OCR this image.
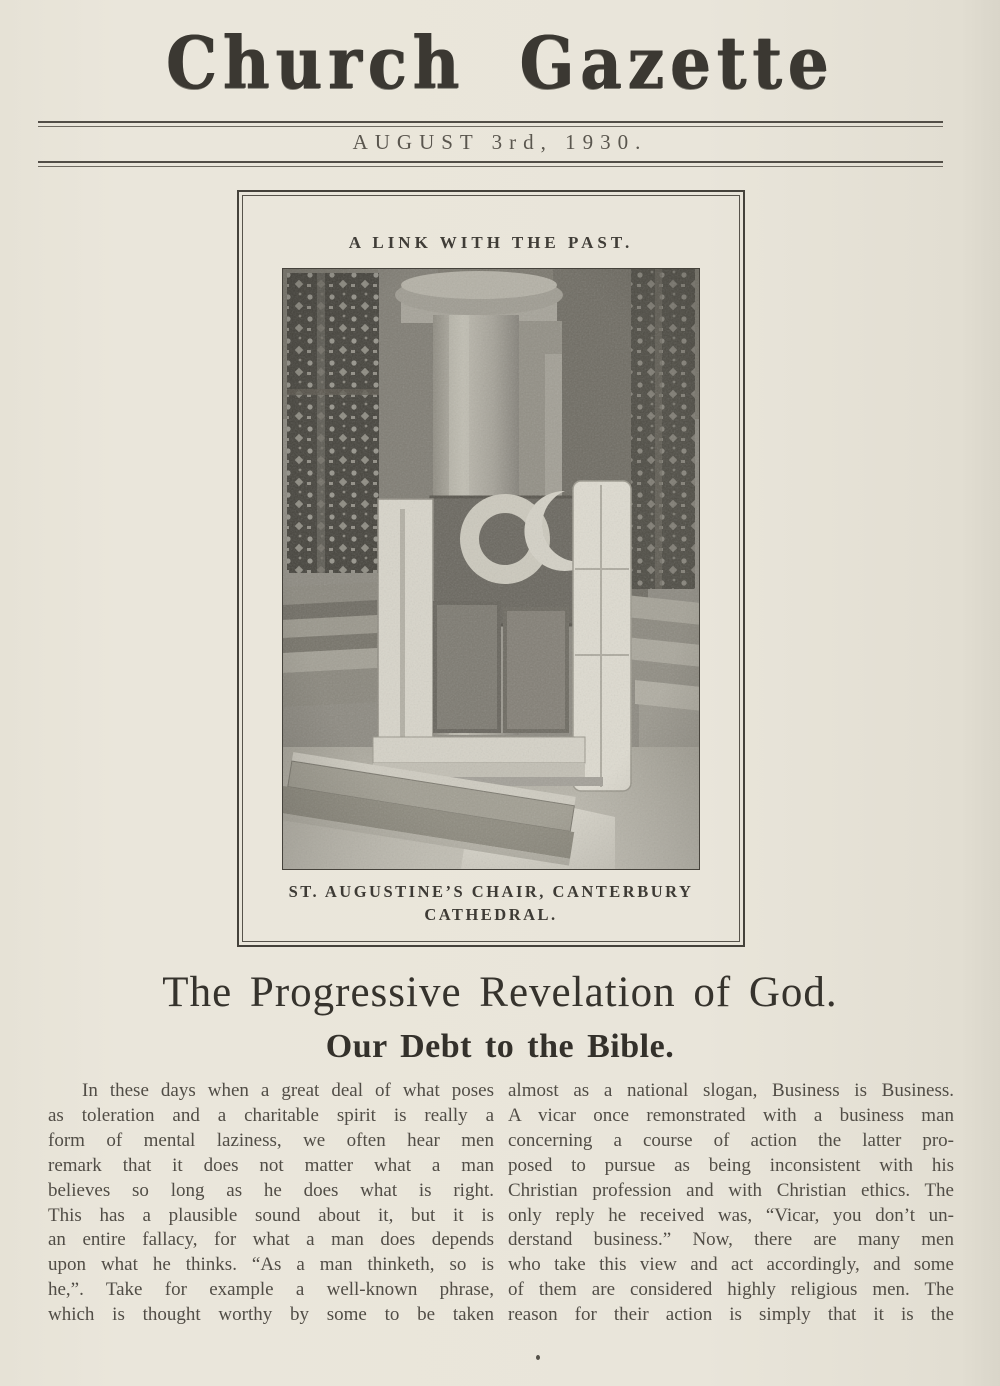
Church Gazette
AUGUST 3rd, 1930.
A LINK WITH THE PAST.
ST. AUGUSTINE’S CHAIR, CANTERBURY
CATHEDRAL.
The Progressive Revelation of God.
Our Debt to the Bible.
In these days when a great deal of what poses
as toleration and a charitable spirit is really a
form of mental laziness, we often hear men
remark that it does not matter what a man
believes so long as he does what is right.
This has a plausible sound about it, but it is
an entire fallacy, for what a man does depends
upon what he thinks. “As a man thinketh, so is
he,”. Take for example a well-known phrase,
which is thought worthy by some to be taken
almost as a national slogan, Business is Business.
A vicar once remonstrated with a business man
concerning a course of action the latter pro-
posed to pursue as being inconsistent with his
Christian profession and with Christian ethics. The
only reply he received was, “Vicar, you don’t un-
derstand business.” Now, there are many men
who take this view and act accordingly, and some
of them are considered highly religious men. The
reason for their action is simply that it is the
